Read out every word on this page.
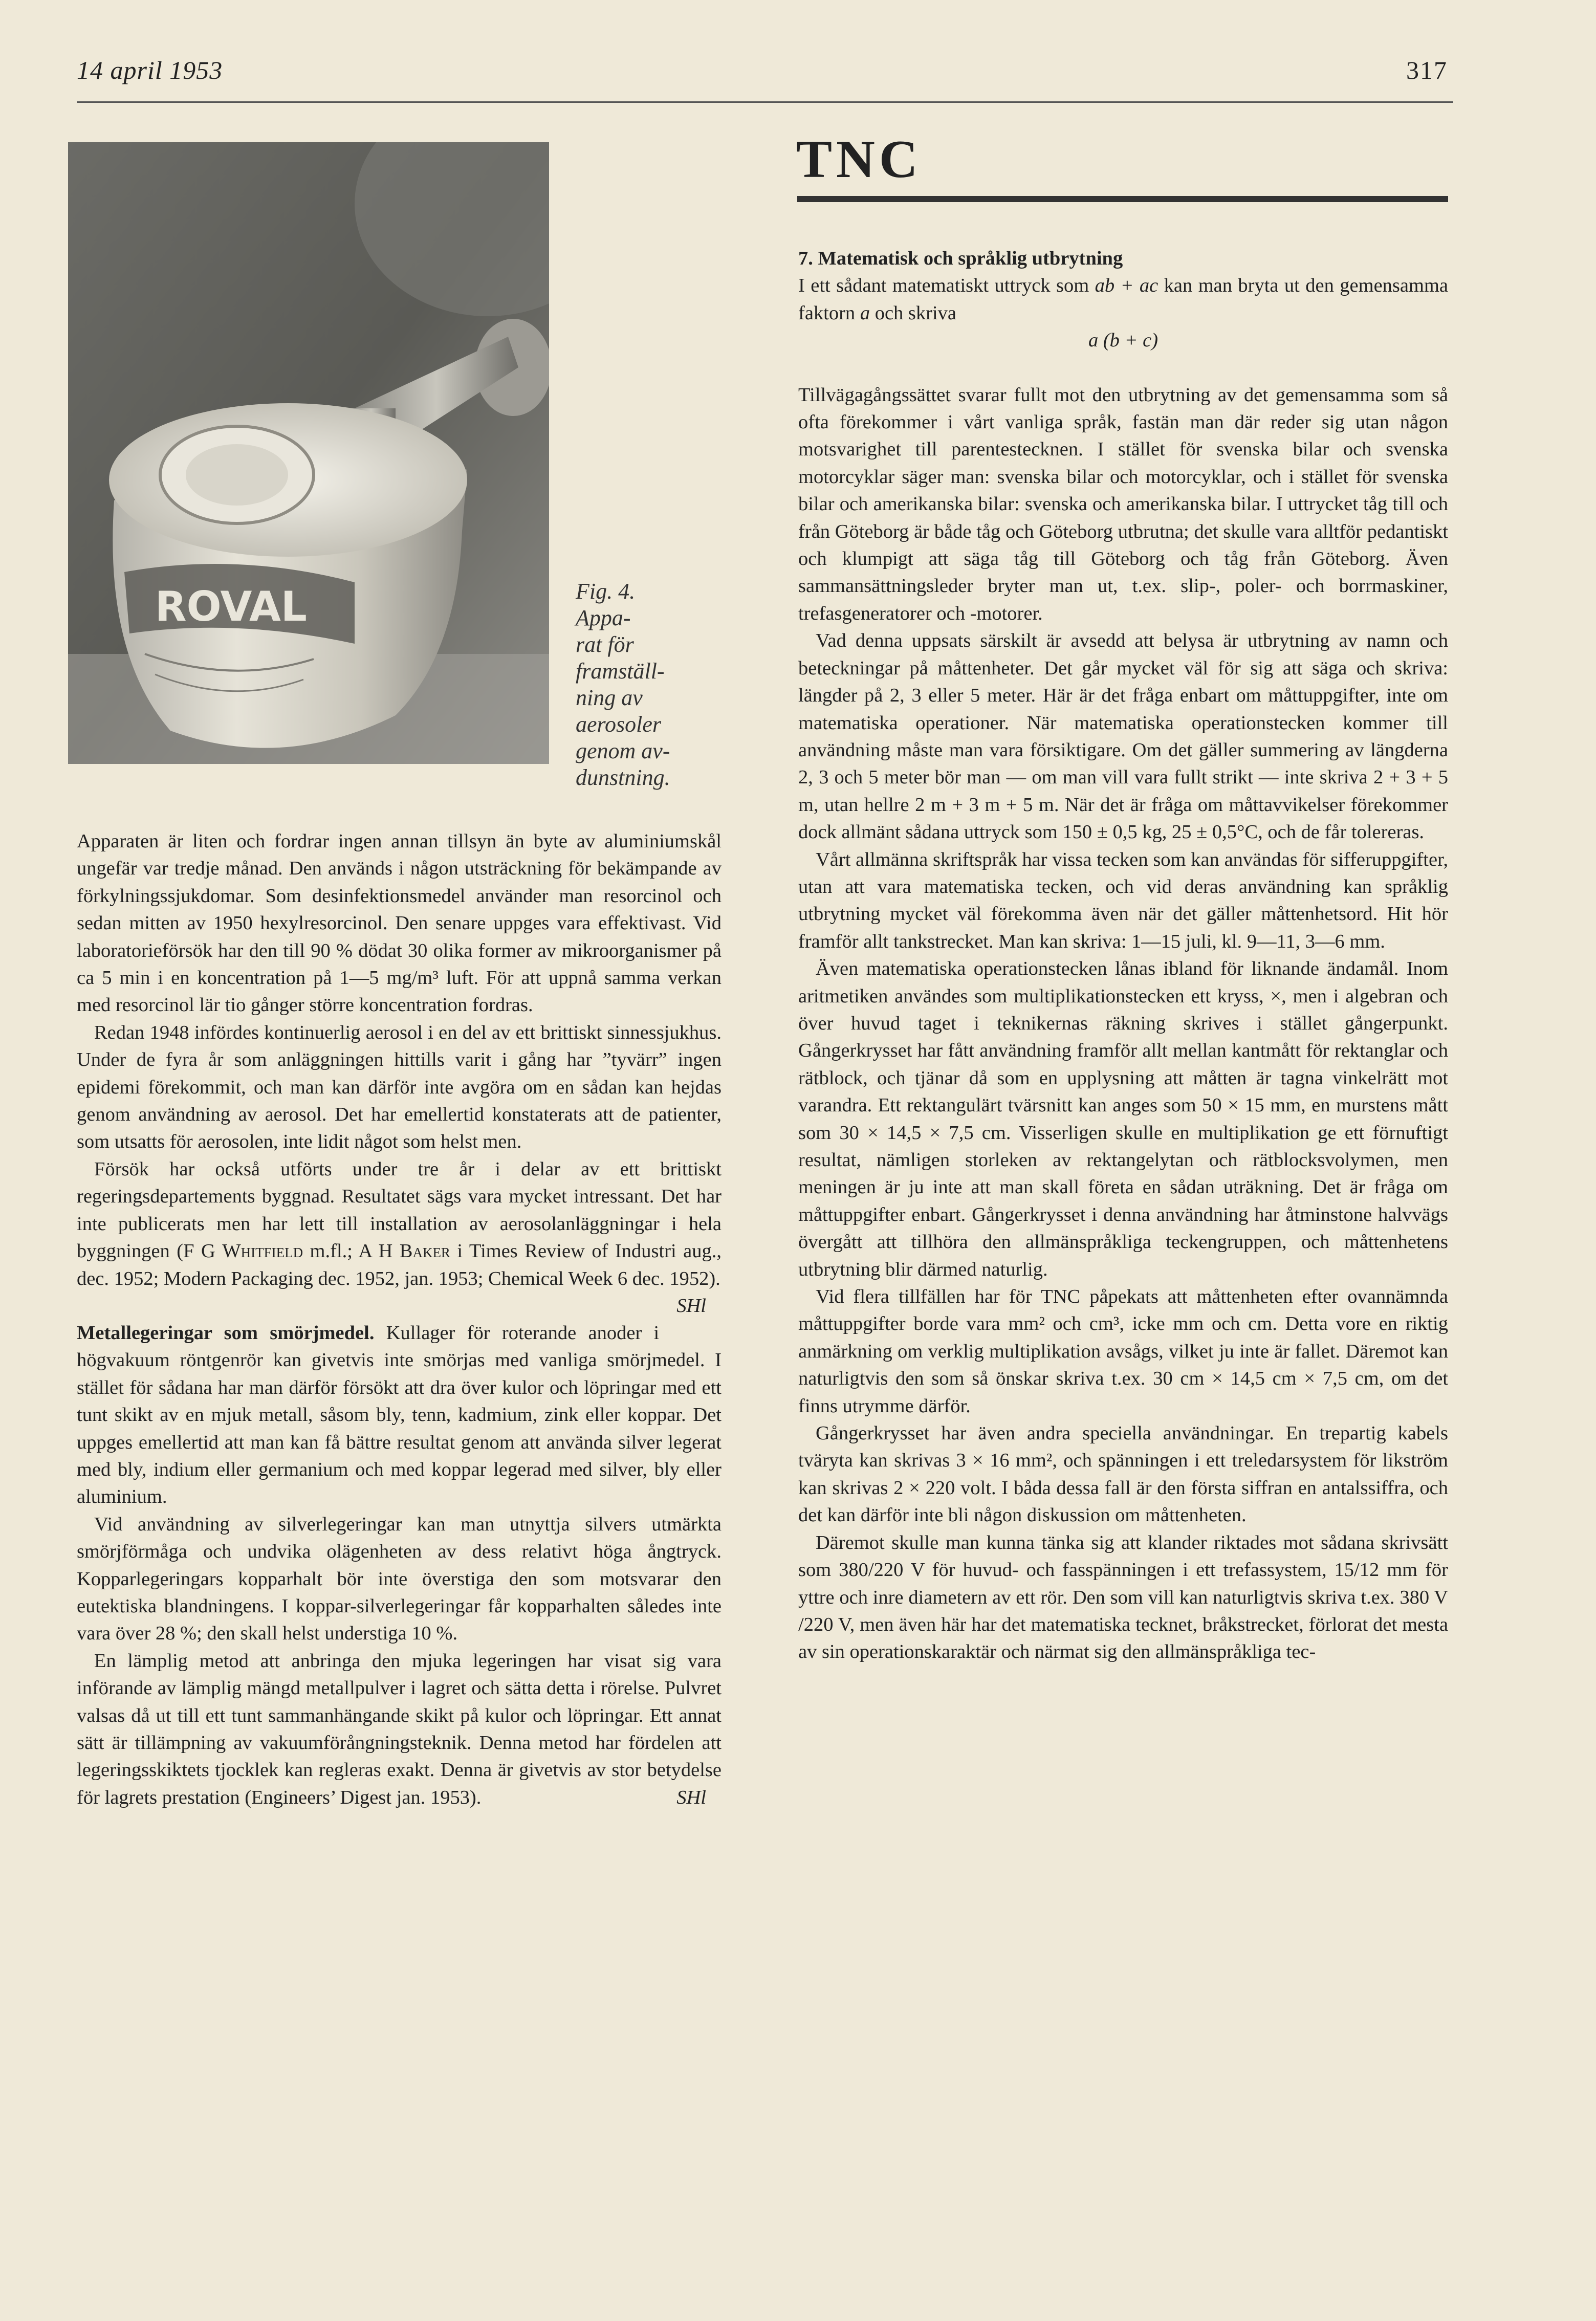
14 april 1953	317
ROVAL	Fig. 4. Appa-
rat för
framställ-
ning av
aerosoler
genom av-
dunstning.

Apparaten är liten och fordrar ingen annan tillsyn än byte av aluminiumskål ungefär var tredje månad. Den används i någon utsträckning för bekämpande av förkylningssjukdomar. Som desinfektionsmedel använder man resorcinol och sedan mitten av 1950 hexylresorcinol. Den senare uppges vara effektivast. Vid laboratorieförsök har den till 90 % dödat 30 olika former av mikroorganismer på ca 5 min i en koncentration på 1—5 mg/m³ luft. För att uppnå samma verkan med resorcinol lär tio gånger större koncentration fordras.

Redan 1948 infördes kontinuerlig aerosol i en del av ett brittiskt sinnessjukhus. Under de fyra år som anläggningen hittills varit i gång har ”tyvärr” ingen epidemi förekommit, och man kan därför inte avgöra om en sådan kan hejdas genom användning av aerosol. Det har emellertid konstaterats att de patienter, som utsatts för aerosolen, inte lidit något som helst men.

Försök har också utförts under tre år i delar av ett brittiskt regeringsdepartements byggnad. Resultatet sägs vara mycket intressant. Det har inte publicerats men har lett till installation av aerosolanläggningar i hela byggningen (F G Whitfield m.fl.; A H Baker i Times Review of Industri aug., dec. 1952; Modern Packaging dec. 1952, jan. 1953; Chemical Week 6 dec. 1952).
SHl

Metallegeringar som smörjmedel. Kullager för roterande anoder i högvakuum röntgenrör kan givetvis inte smörjas med vanliga smörjmedel. I stället för sådana har man därför försökt att dra över kulor och löpringar med ett tunt skikt av en mjuk metall, såsom bly, tenn, kadmium, zink eller koppar. Det uppges emellertid att man kan få bättre resultat genom att använda silver legerat med bly, indium eller germanium och med koppar legerad med silver, bly eller aluminium.

Vid användning av silverlegeringar kan man utnyttja silvers utmärkta smörjförmåga och undvika olägenheten av dess relativt höga ångtryck. Kopparlegeringars kopparhalt bör inte överstiga den som motsvarar den eutektiska blandningens. I koppar-silverlegeringar får kopparhalten således inte vara över 28 %; den skall helst understiga 10 %.

En lämplig metod att anbringa den mjuka legeringen har visat sig vara införande av lämplig mängd metallpulver i lagret och sätta detta i rörelse. Pulvret valsas då ut till ett tunt sammanhängande skikt på kulor och löpringar. Ett annat sätt är tillämpning av vakuumförångningsteknik. Denna metod har fördelen att legeringsskiktets tjocklek kan regleras exakt. Denna är givetvis av stor betydelse för lagrets prestation (Engineers’ Digest jan. 1953).	SHl

TNC

7. Matematisk och språklig utbrytning

I ett sådant matematiskt uttryck som ab + ac kan man bryta ut den gemensamma faktorn a och skriva

a (b + c)

Tillvägagångssättet svarar fullt mot den utbrytning av det gemensamma som så ofta förekommer i vårt vanliga språk, fastän man där reder sig utan någon motsvarighet till parentestecknen. I stället för svenska bilar och svenska motorcyklar säger man: svenska bilar och motorcyklar, och i stället för svenska bilar och amerikanska bilar: svenska och amerikanska bilar. I uttrycket tåg till och från Göteborg är både tåg och Göteborg utbrutna; det skulle vara alltför pedantiskt och klumpigt att säga tåg till Göteborg och tåg från Göteborg. Även sammansättningsleder bryter man ut, t.ex. slip-, poler- och borrmaskiner, trefasgeneratorer och -motorer.

Vad denna uppsats särskilt är avsedd att belysa är utbrytning av namn och beteckningar på måttenheter. Det går mycket väl för sig att säga och skriva: längder på 2, 3 eller 5 meter. Här är det fråga enbart om måttuppgifter, inte om matematiska operationer. När matematiska operationstecken kommer till användning måste man vara försiktigare. Om det gäller summering av längderna 2, 3 och 5 meter bör man — om man vill vara fullt strikt — inte skriva 2 + 3 + 5 m, utan hellre 2 m + 3 m + 5 m. När det är fråga om måttavvikelser förekommer dock allmänt sådana uttryck som 150 ± 0,5 kg, 25 ± 0,5°C, och de får tolereras.

Vårt allmänna skriftspråk har vissa tecken som kan användas för sifferuppgifter, utan att vara matematiska tecken, och vid deras användning kan språklig utbrytning mycket väl förekomma även när det gäller måttenhetsord. Hit hör framför allt tankstrecket. Man kan skriva: 1—15 juli, kl. 9—11, 3—6 mm.

Även matematiska operationstecken lånas ibland för liknande ändamål. Inom aritmetiken användes som multiplikationstecken ett kryss, ×, men i algebran och över huvud taget i teknikernas räkning skrives i stället gångerpunkt. Gångerkrysset har fått användning framför allt mellan kantmått för rektanglar och rätblock, och tjänar då som en upplysning att måtten är tagna vinkelrätt mot varandra. Ett rektangulärt tvärsnitt kan anges som 50 × 15 mm, en murstens mått som 30 × 14,5 × 7,5 cm. Visserligen skulle en multiplikation ge ett förnuftigt resultat, nämligen storleken av rektangelytan och rätblocksvolymen, men meningen är ju inte att man skall företa en sådan uträkning. Det är fråga om måttuppgifter enbart. Gångerkrysset i denna användning har åtminstone halvvägs övergått att tillhöra den allmänspråkliga teckengruppen, och måttenhetens utbrytning blir därmed naturlig.

Vid flera tillfällen har för TNC påpekats att måttenheten efter ovannämnda måttuppgifter borde vara mm² och cm³, icke mm och cm. Detta vore en riktig anmärkning om verklig multiplikation avsågs, vilket ju inte är fallet. Däremot kan naturligtvis den som så önskar skriva t.ex. 30 cm × 14,5 cm × 7,5 cm, om det finns utrymme därför.

Gångerkrysset har även andra speciella användningar. En trepartig kabels tväryta kan skrivas 3 × 16 mm², och spänningen i ett treledarsystem för likström kan skrivas 2 × 220 volt. I båda dessa fall är den första siffran en antalssiffra, och det kan därför inte bli någon diskussion om måttenheten.

Däremot skulle man kunna tänka sig att klander riktades mot sådana skrivsätt som 380/220 V för huvud- och fasspänningen i ett trefassystem, 15/12 mm för yttre och inre diametern av ett rör. Den som vill kan naturligtvis skriva t.ex. 380 V /220 V, men även här har det matematiska tecknet, bråkstrecket, förlorat det mesta av sin operationskaraktär och närmat sig den allmänspråkliga tec-
